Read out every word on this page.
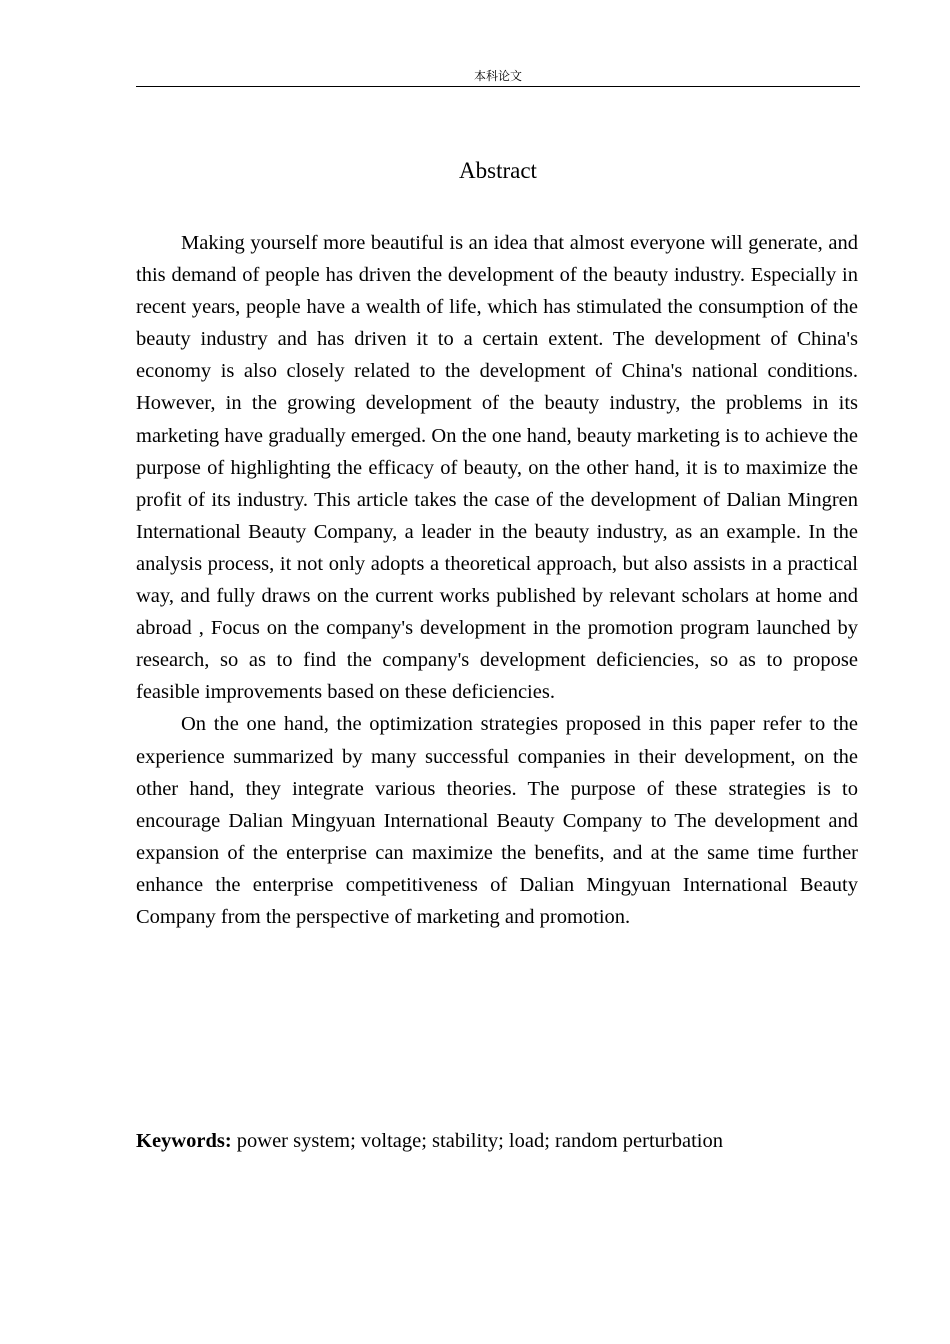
本科论文
Abstract

Making yourself more beautiful is an idea that almost everyone will generate, and this demand of people has driven the development of the beauty industry. Especially in recent years, people have a wealth of life, which has stimulated the consumption of the beauty industry and has driven it to a certain extent. The development of China's economy is also closely related to the development of China's national conditions. However, in the growing development of the beauty industry, the problems in its marketing have gradually emerged. On the one hand, beauty marketing is to achieve the purpose of highlighting the efficacy of beauty, on the other hand, it is to maximize the profit of its industry. This article takes the case of the development of Dalian Mingren International Beauty Company, a leader in the beauty industry, as an example. In the analysis process, it not only adopts a theoretical approach, but also assists in a practical way, and fully draws on the current works published by relevant scholars at home and abroad , Focus on the company's development in the promotion program launched by research, so as to find the company's development deficiencies, so as to propose feasible improvements based on these deficiencies.

On the one hand, the optimization strategies proposed in this paper refer to the experience summarized by many successful companies in their development, on the other hand, they integrate various theories. The purpose of these strategies is to encourage Dalian Mingyuan International Beauty Company to The development and expansion of the enterprise can maximize the benefits, and at the same time further enhance the enterprise competitiveness of Dalian Mingyuan International Beauty Company from the perspective of marketing and promotion.

Keywords: power system; voltage; stability; load; random perturbation
